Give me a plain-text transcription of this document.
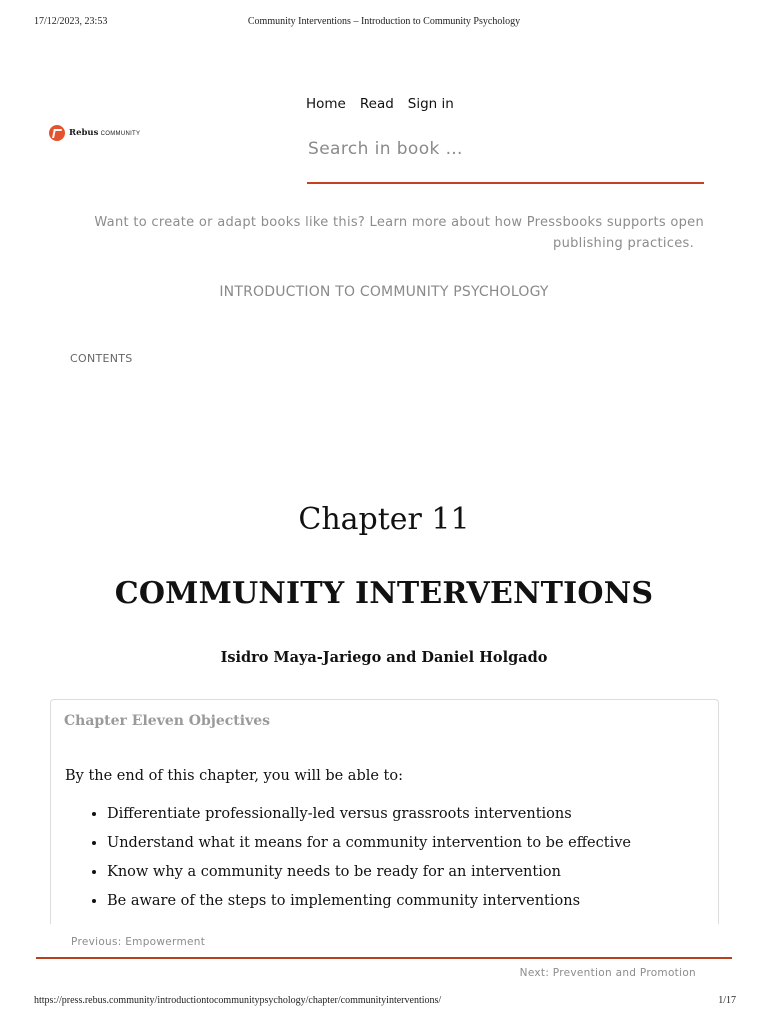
17/12/2023, 23:53	Community Interventions – Introduction to Community Psychology
Rebus COMMUNITY
Home Read Sign in
Search in book …
Want to create or adapt books like this? Learn more about how Pressbooks supports open
publishing practices.
INTRODUCTION TO COMMUNITY PSYCHOLOGY
CONTENTS
Chapter 11
COMMUNITY INTERVENTIONS
Isidro Maya-Jariego and Daniel Holgado
Chapter Eleven Objectives
By the end of this chapter, you will be able to:
• Differentiate professionally-led versus grassroots interventions
• Understand what it means for a community intervention to be effective
• Know why a community needs to be ready for an intervention
• Be aware of the steps to implementing community interventions
Previous: Empowerment
Next: Prevention and Promotion
https://press.rebus.community/introductiontocommunitypsychology/chapter/communityinterventions/	1/17
